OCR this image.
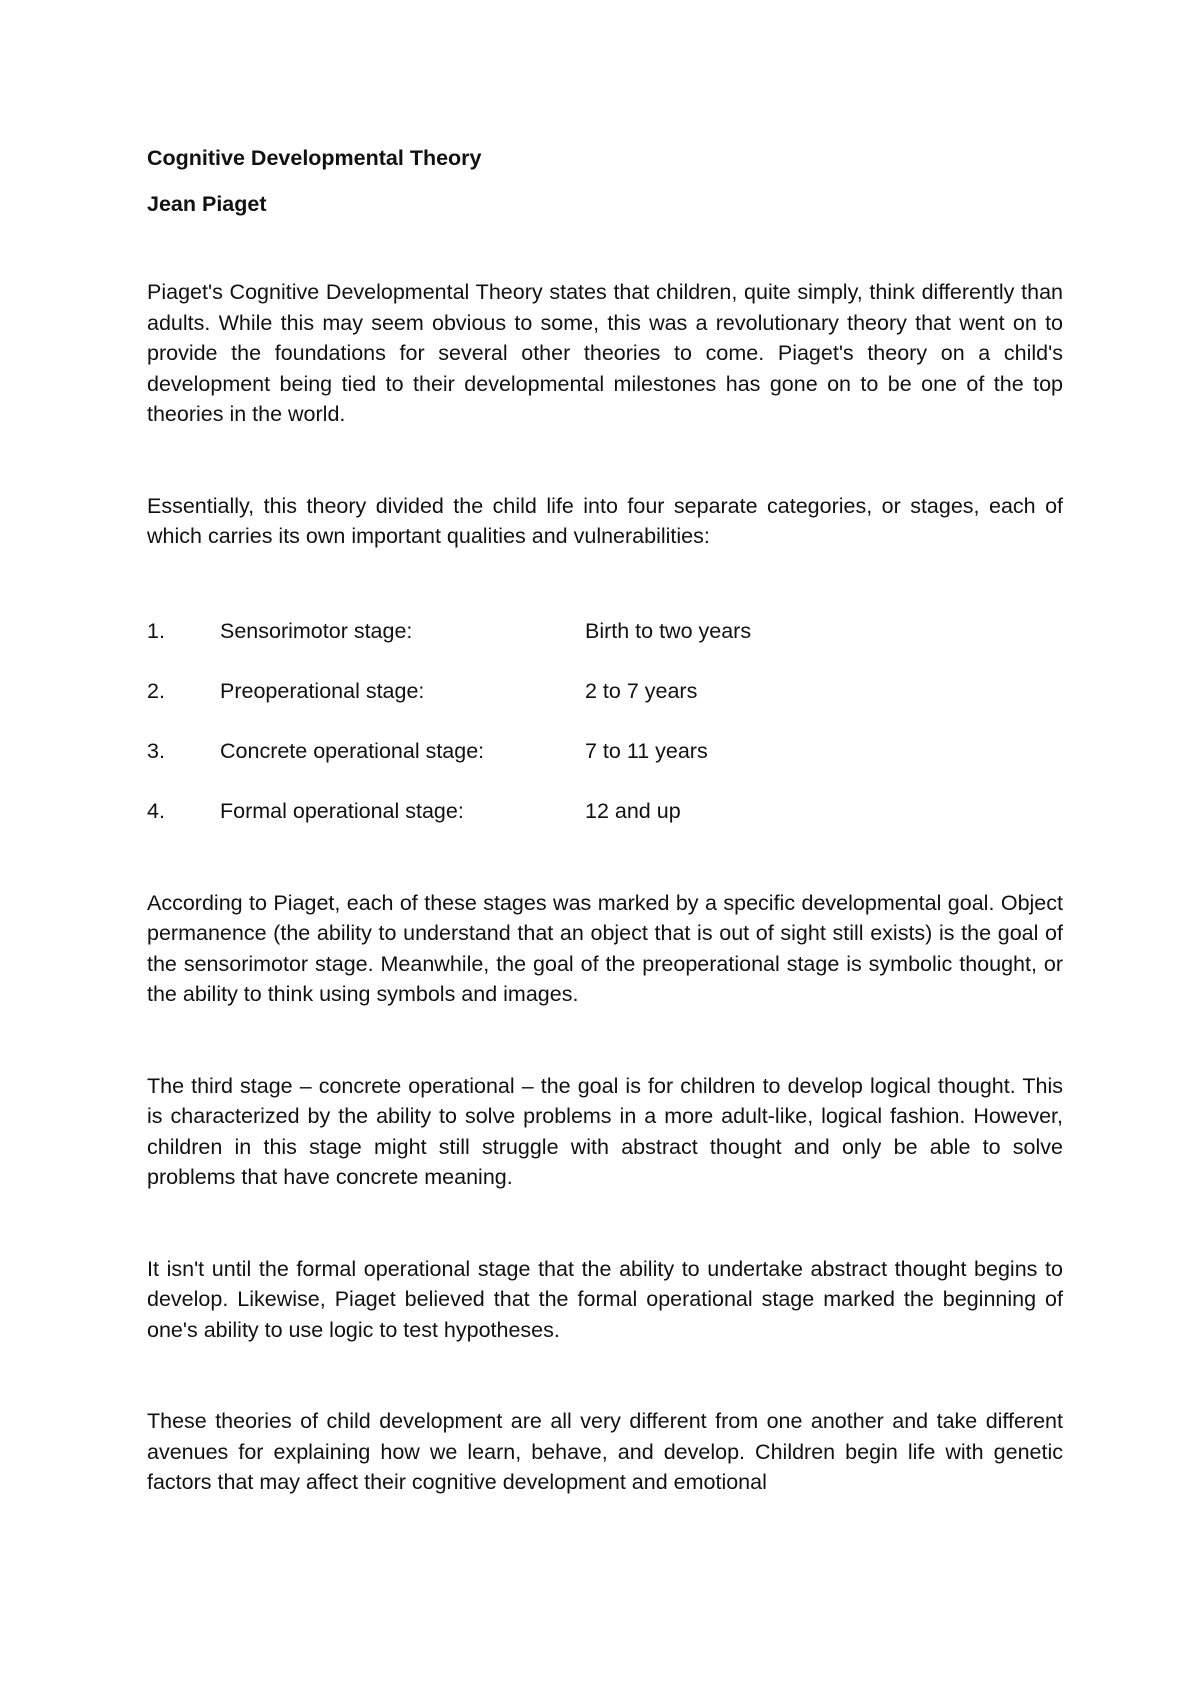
Cognitive Developmental Theory
Jean Piaget

Piaget's Cognitive Developmental Theory states that children, quite simply, think differently than adults. While this may seem obvious to some, this was a revolutionary theory that went on to provide the foundations for several other theories to come. Piaget's theory on a child's development being tied to their developmental milestones has gone on to be one of the top theories in the world.

Essentially, this theory divided the child life into four separate categories, or stages, each of which carries its own important qualities and vulnerabilities:

1.	Sensorimotor stage:	Birth to two years
2.	Preoperational stage:	2 to 7 years
3.	Concrete operational stage:	7 to 11 years
4.	Formal operational stage:	12 and up

According to Piaget, each of these stages was marked by a specific developmental goal. Object permanence (the ability to understand that an object that is out of sight still exists) is the goal of the sensorimotor stage. Meanwhile, the goal of the preoperational stage is symbolic thought, or the ability to think using symbols and images.

The third stage – concrete operational – the goal is for children to develop logical thought. This is characterized by the ability to solve problems in a more adult-like, logical fashion. However, children in this stage might still struggle with abstract thought and only be able to solve problems that have concrete meaning.

It isn't until the formal operational stage that the ability to undertake abstract thought begins to develop. Likewise, Piaget believed that the formal operational stage marked the beginning of one's ability to use logic to test hypotheses.

These theories of child development are all very different from one another and take different avenues for explaining how we learn, behave, and develop. Children begin life with genetic factors that may affect their cognitive development and emotional
